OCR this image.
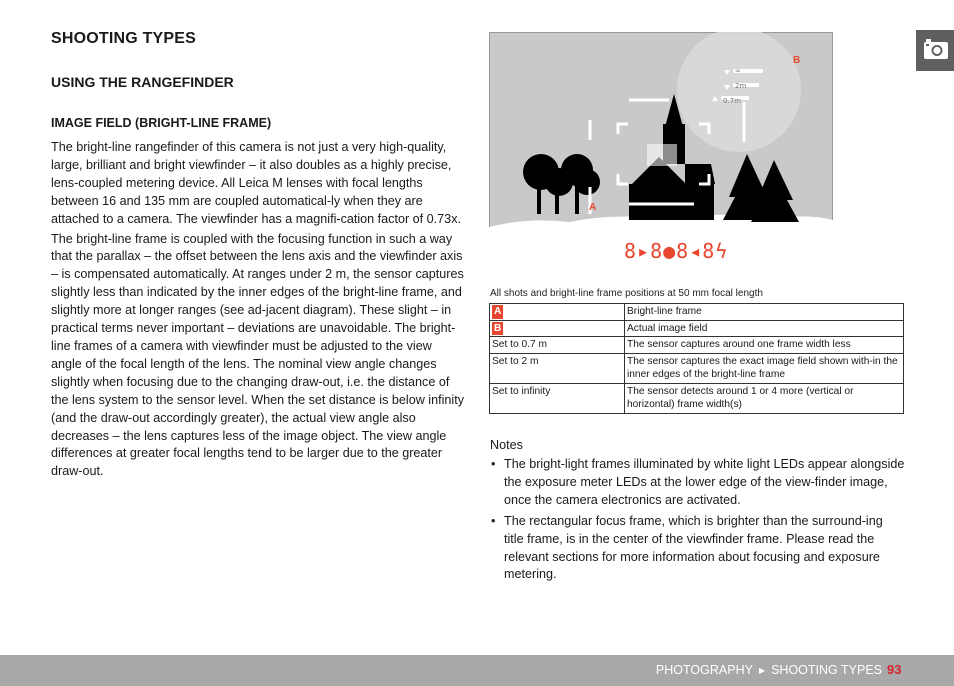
SHOOTING TYPES
USING THE RANGEFINDER
IMAGE FIELD (BRIGHT-LINE FRAME)

The bright-line rangefinder of this camera is not just a very high-quality, large, brilliant and bright viewfinder – it also doubles as a highly precise, lens-coupled metering device. All Leica M lenses with focal lengths between 16 and 135 mm are coupled automatical-ly when they are attached to a camera. The viewfinder has a magnifi-cation factor of 0.73x.

The bright-line frame is coupled with the focusing function in such a way that the parallax – the offset between the lens axis and the viewfinder axis – is compensated automatically. At ranges under 2 m, the sensor captures slightly less than indicated by the inner edges of the bright-line frame, and slightly more at longer ranges (see ad-jacent diagram). These slight – in practical terms never important – deviations are unavoidable. The bright-line frames of a camera with viewfinder must be adjusted to the view angle of the focal length of the lens. The nominal view angle changes slightly when focusing due to the changing draw-out, i.e. the distance of the lens system to the sensor level. When the set distance is below infinity (and the draw-out accordingly greater), the actual view angle also decreases – the lens captures less of the image object. The view angle differences at greater focal lengths tend to be larger due to the greater draw-out.

∞
2m
0.7m
A
B
8▸8●8◂8ϟ
All shots and bright-line frame positions at 50 mm focal length
A	Bright-line frame
B	Actual image field
Set to 0.7 m	The sensor captures around one frame width less
Set to 2 m	The sensor captures the exact image field shown with-in the inner edges of the bright-line frame
Set to infinity	The sensor detects around 1 or 4 more (vertical or horizontal) frame width(s)
Notes
• The bright-light frames illuminated by white light LEDs appear alongside the exposure meter LEDs at the lower edge of the view-finder image, once the camera electronics are activated.
• The rectangular focus frame, which is brighter than the surround-ing title frame, is in the center of the viewfinder frame. Please read the relevant sections for more information about focusing and exposure metering.
PHOTOGRAPHY ▶ SHOOTING TYPES 93
